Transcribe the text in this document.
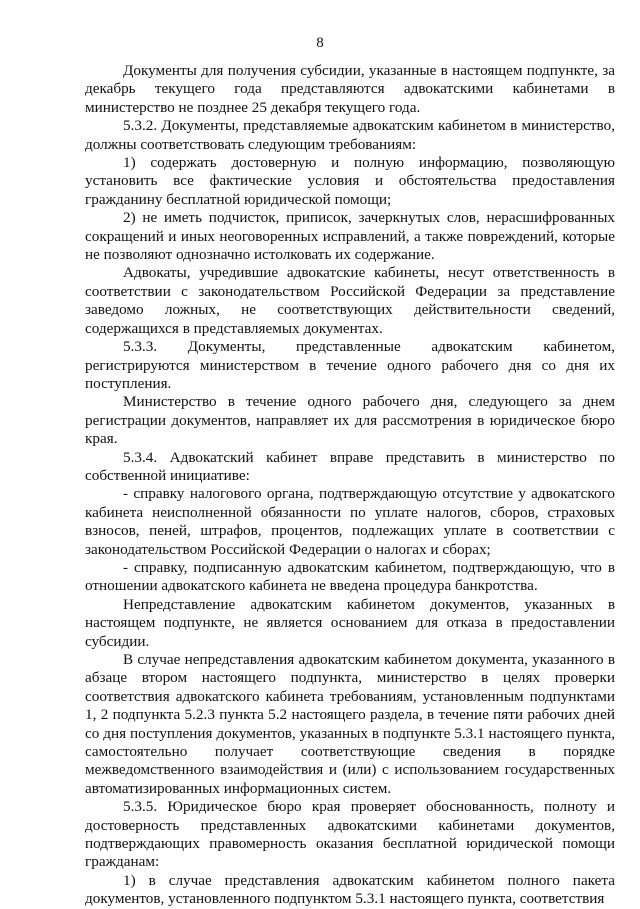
8

Документы для получения субсидии, указанные в настоящем подпункте, за декабрь текущего года представляются адвокатскими кабинетами в министерство не позднее 25 декабря текущего года.

5.3.2. Документы, представляемые адвокатским кабинетом в министерство, должны соответствовать следующим требованиям:

1) содержать достоверную и полную информацию, позволяющую установить все фактические условия и обстоятельства предоставления гражданину бесплатной юридической помощи;

2) не иметь подчисток, приписок, зачеркнутых слов, нерасшифрованных сокращений и иных неоговоренных исправлений, а также повреждений, которые не позволяют однозначно истолковать их содержание.

Адвокаты, учредившие адвокатские кабинеты, несут ответственность в соответствии с законодательством Российской Федерации за представление заведомо ложных, не соответствующих действительности сведений, содержащихся в представляемых документах.

5.3.3. Документы, представленные адвокатским кабинетом, регистрируются министерством в течение одного рабочего дня со дня их поступления.

Министерство в течение одного рабочего дня, следующего за днем регистрации документов, направляет их для рассмотрения в юридическое бюро края.

5.3.4. Адвокатский кабинет вправе представить в министерство по собственной инициативе:

- справку налогового органа, подтверждающую отсутствие у адвокатского кабинета неисполненной обязанности по уплате налогов, сборов, страховых взносов, пеней, штрафов, процентов, подлежащих уплате в соответствии с законодательством Российской Федерации о налогах и сборах;

- справку, подписанную адвокатским кабинетом, подтверждающую, что в отношении адвокатского кабинета не введена процедура банкротства.

Непредставление адвокатским кабинетом документов, указанных в настоящем подпункте, не является основанием для отказа в предоставлении субсидии.

В случае непредставления адвокатским кабинетом документа, указанного в абзаце втором настоящего подпункта, министерство в целях проверки соответствия адвокатского кабинета требованиям, установленным подпунктами 1, 2 подпункта 5.2.3 пункта 5.2 настоящего раздела, в течение пяти рабочих дней со дня поступления документов, указанных в подпункте 5.3.1 настоящего пункта, самостоятельно получает соответствующие сведения в порядке межведомственного взаимодействия и (или) с использованием государственных автоматизированных информационных систем.

5.3.5. Юридическое бюро края проверяет обоснованность, полноту и достоверность представленных адвокатскими кабинетами документов, подтверждающих правомерность оказания бесплатной юридической помощи гражданам:

1) в случае представления адвокатским кабинетом полного пакета документов, установленного подпунктом 5.3.1 настоящего пункта, соответствия
